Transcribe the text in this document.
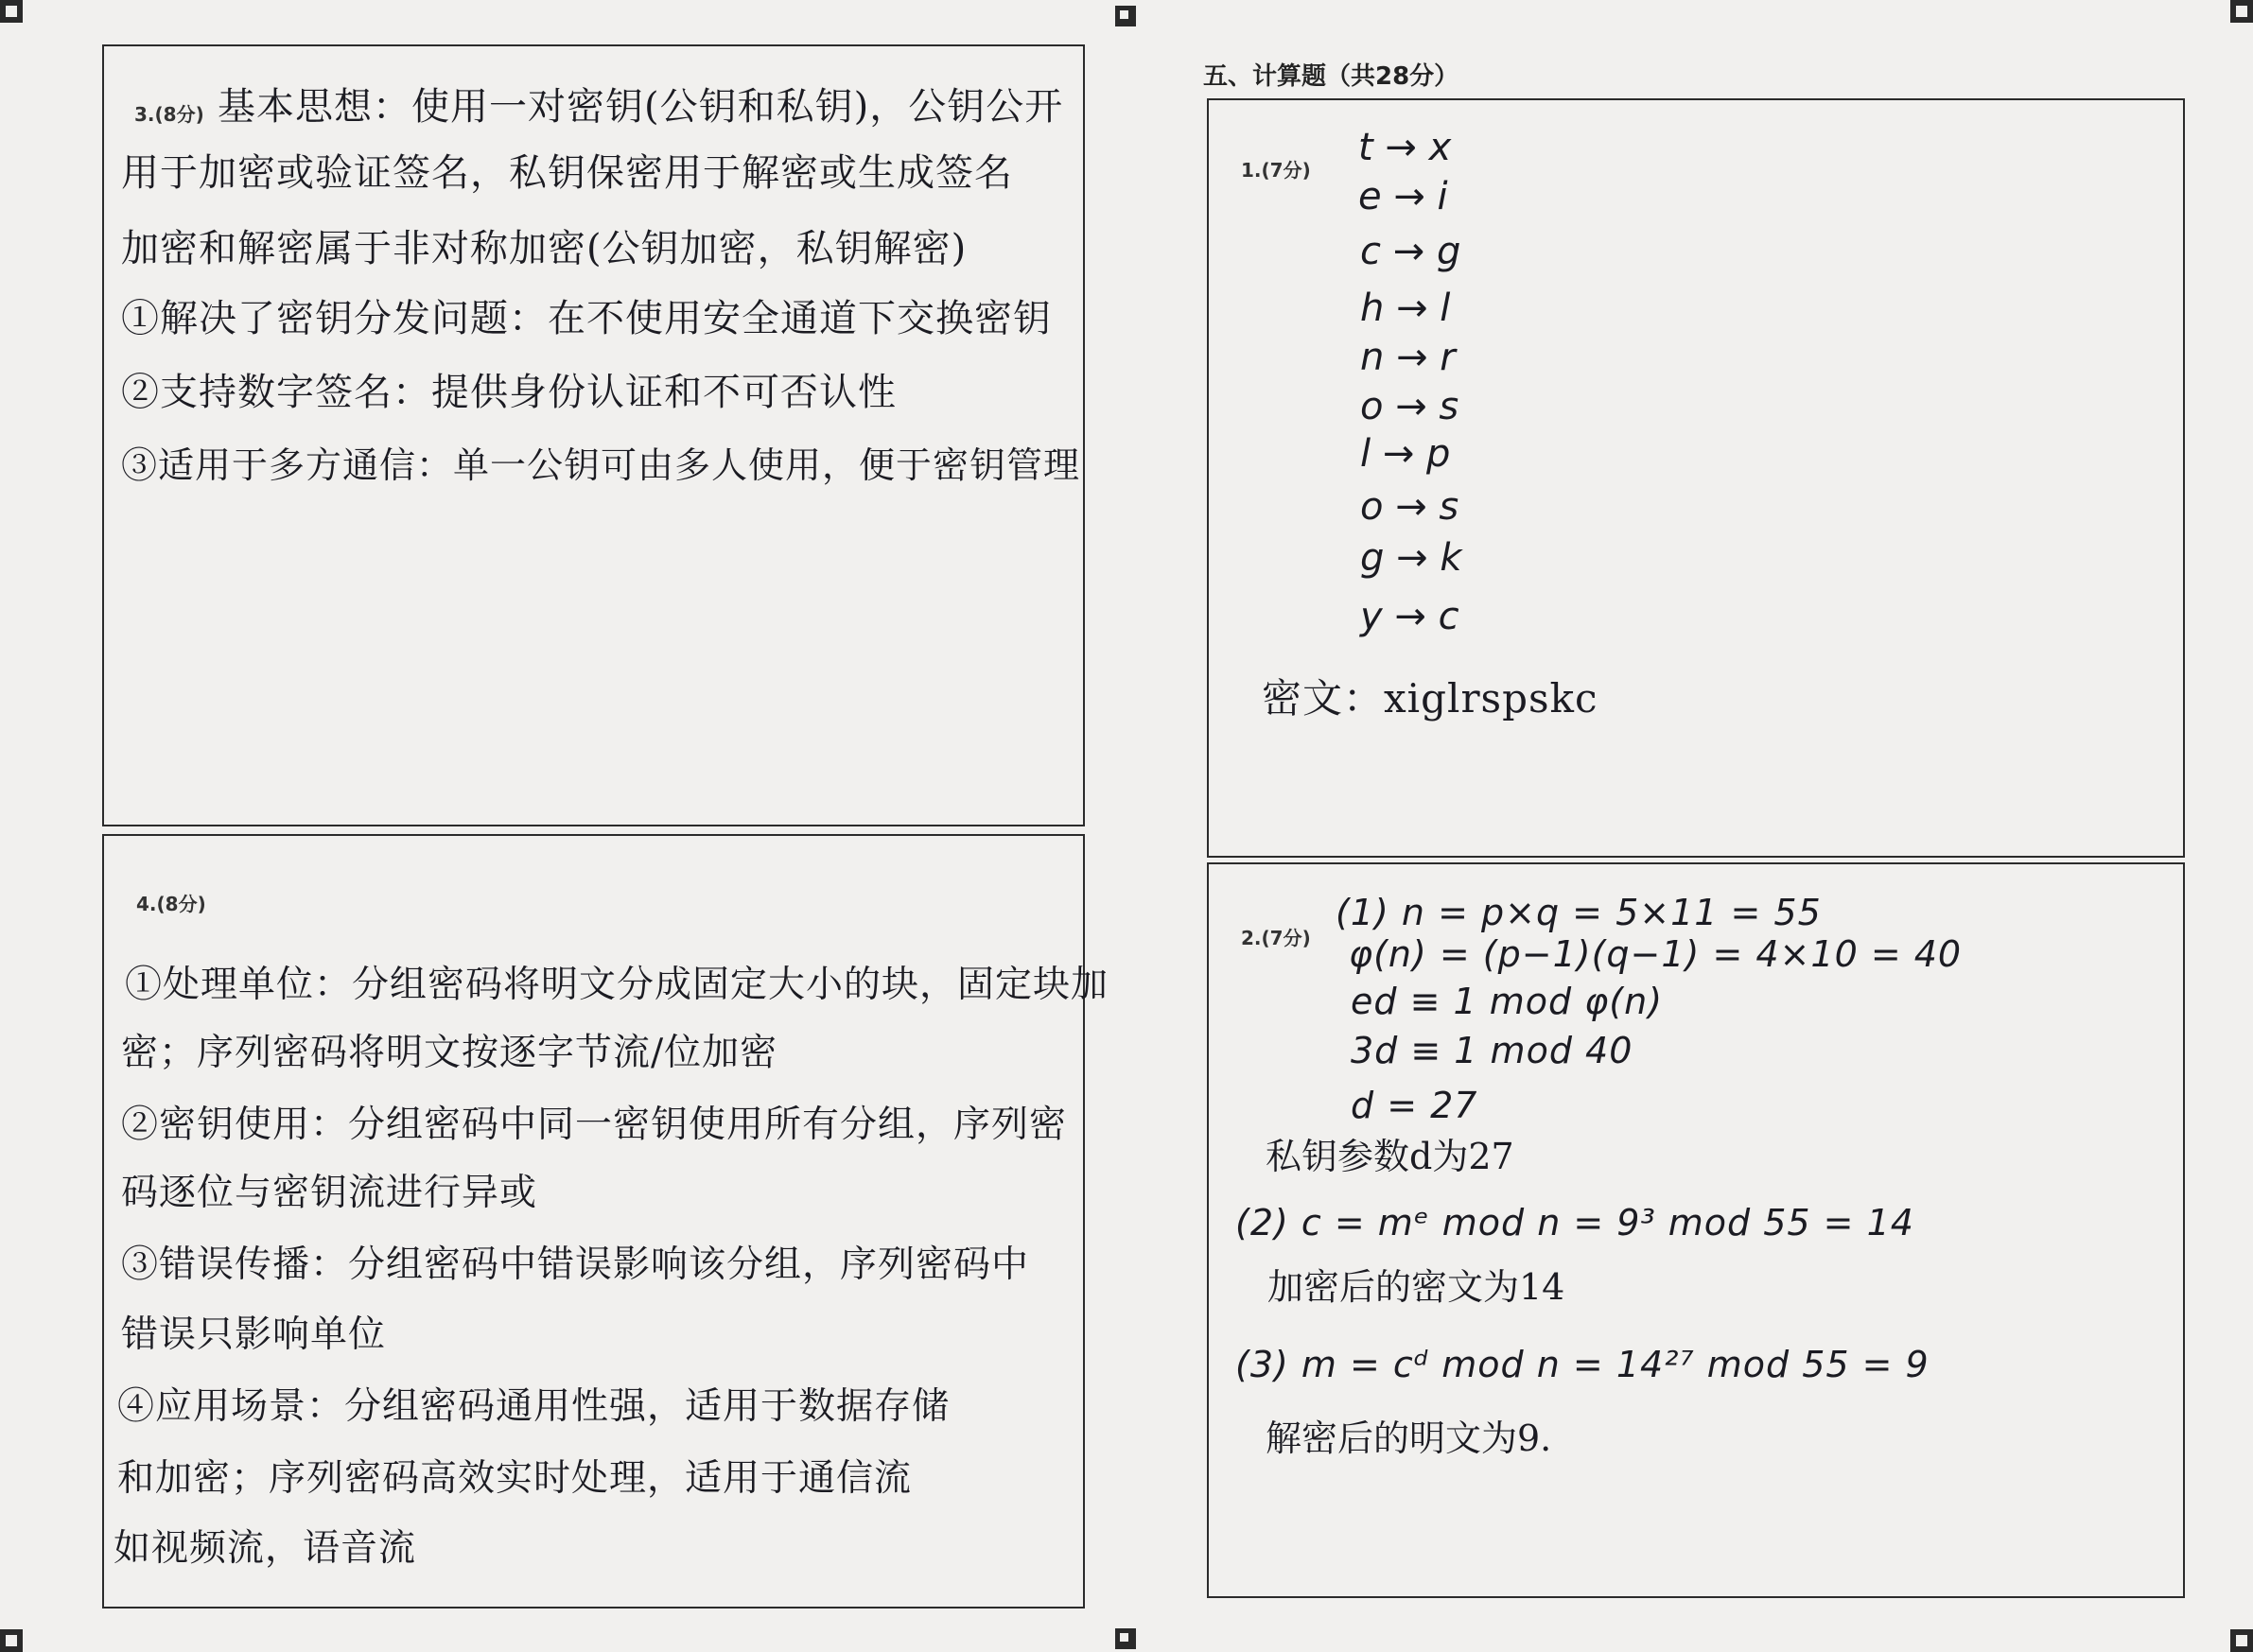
3.(8分) 基本思想：使用一对密钥(公钥和私钥)，公钥公开
用于加密或验证签名，私钥保密用于解密或生成签名
加密和解密属于非对称加密(公钥加密，私钥解密)
①解决了密钥分发问题：在不使用安全通道下交换密钥
②支持数字签名：提供身份认证和不可否认性
③适用于多方通信：单一公钥可由多人使用，便于密钥管理
4.(8分)
①处理单位：分组密码将明文分成固定大小的块，固定块加
密；序列密码将明文按逐字节流/位加密
②密钥使用：分组密码中同一密钥使用所有分组，序列密
码逐位与密钥流进行异或
③错误传播：分组密码中错误影响该分组，序列密码中
错误只影响单位
④应用场景：分组密码通用性强，适用于数据存储
和加密；序列密码高效实时处理，适用于通信流
如视频流，语音流
五、计算题（共28分）
1.(7分)
t → x
e → i
c → g
h → l
n → r
o → s
l → p
o → s
g → k
y → c
密文：xiglrspskc
2.(7分)
(1) n = p×q = 5×11 = 55
φ(n) = (p−1)(q−1) = 4×10 = 40
ed ≡ 1 mod φ(n)
3d ≡ 1 mod 40
d = 27
私钥参数d为27
(2) c = mᵉ mod n = 9³ mod 55 = 14
加密后的密文为14
(3) m = cᵈ mod n = 14²⁷ mod 55 = 9
解密后的明文为9.
